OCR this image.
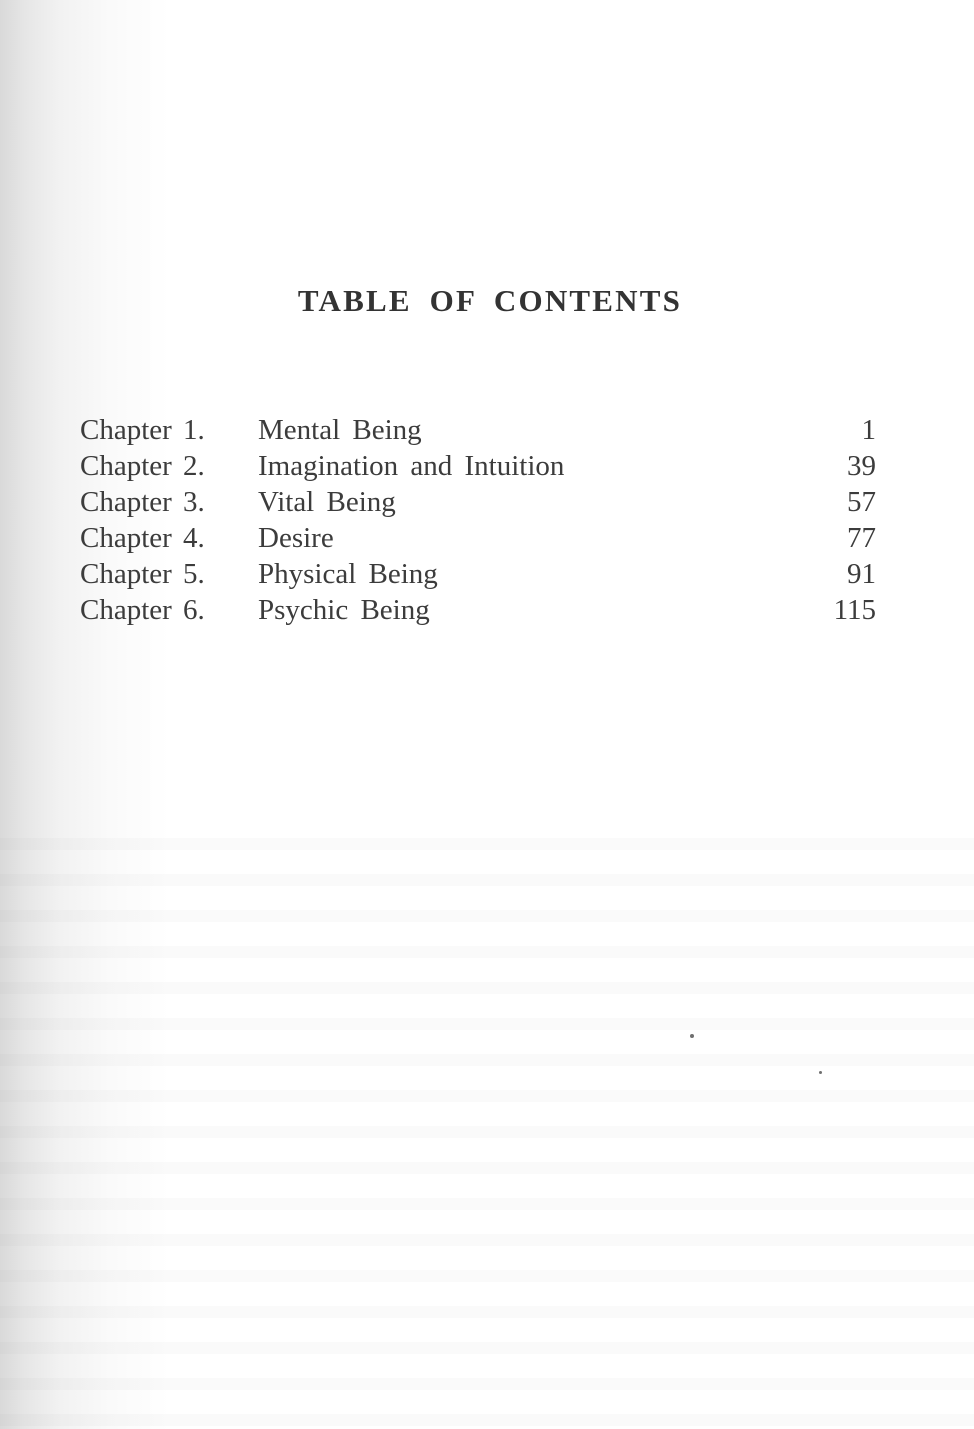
TABLE OF CONTENTS
Chapter 1. Mental Being	1
Chapter 2. Imagination and Intuition	39
Chapter 3. Vital Being	57
Chapter 4. Desire	77
Chapter 5. Physical Being	91
Chapter 6. Psychic Being	115
